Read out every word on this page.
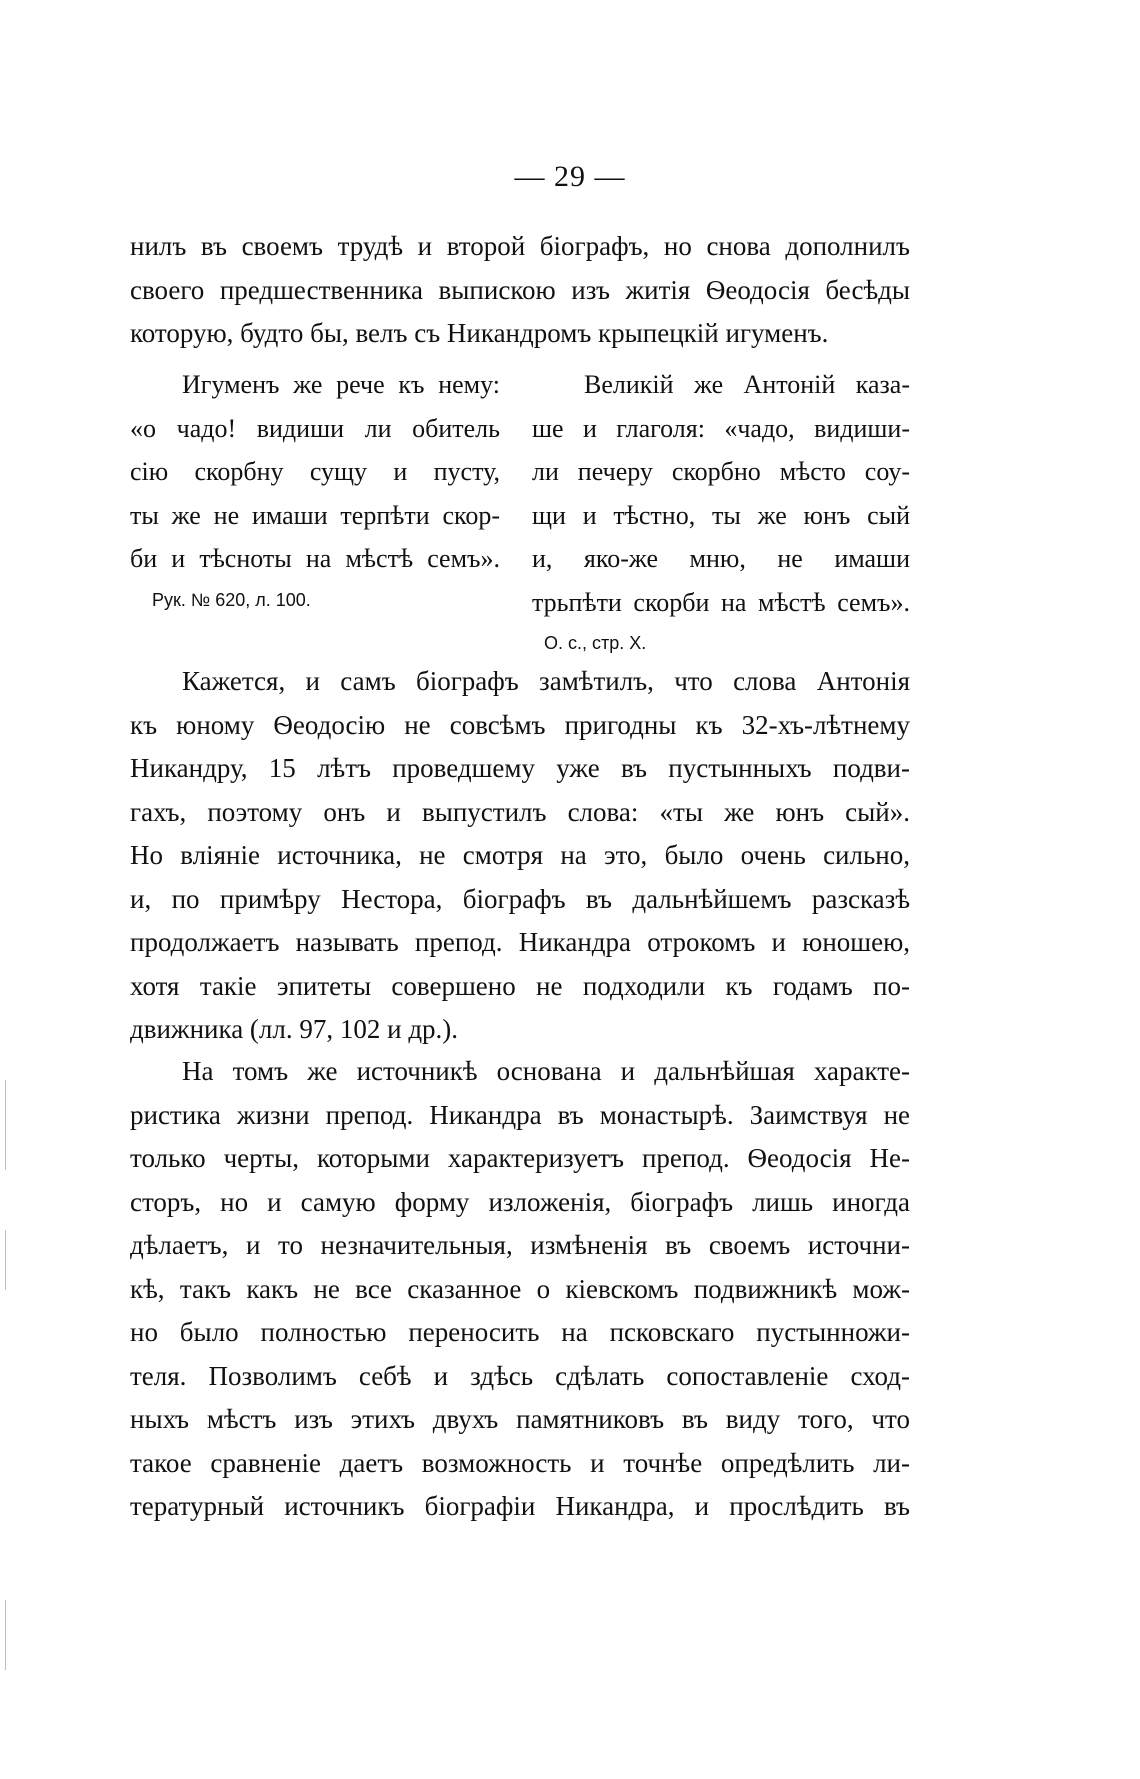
— 29 —
нилъ въ своемъ трудѣ и второй біографъ, но снова дополнилъ
своего предшественника выпискою изъ житія Ѳеодосія бесѣды
которую, будто бы, велъ съ Никандромъ крыпецкій игуменъ.
Игуменъ же рече къ нему:
«о чадо! видиши ли обитель
сію скорбну сущу и пусту,
ты же не имаши терпѣти скор-
би и тѣсноты на мѣстѣ семъ».
Рук. № 620, л. 100.
Великій же Антоній каза-
ше и глаголя: «чадо, видиши-
ли печеру скорбно мѣсто соу-
щи и тѣстно, ты же юнъ сый
и, яко-же мню, не имаши
трьпѣти скорби на мѣстѣ семъ».
О. с., стр. X.
Кажется, и самъ біографъ замѣтилъ, что слова Антонія
къ юному Ѳеодосію не совсѣмъ пригодны къ 32-хъ-лѣтнему
Никандру, 15 лѣтъ проведшему уже въ пустынныхъ подви-
гахъ, поэтому онъ и выпустилъ слова: «ты же юнъ сый».
Но вліяніе источника, не смотря на это, было очень сильно,
и, по примѣру Нестора, біографъ въ дальнѣйшемъ разсказѣ
продолжаетъ называть препод. Никандра отрокомъ и юношею,
хотя такіе эпитеты совершено не подходили къ годамъ по-
движника (лл. 97, 102 и др.).
На томъ же источникѣ основана и дальнѣйшая характе-
ристика жизни препод. Никандра въ монастырѣ. Заимствуя не
только черты, которыми характеризуетъ препод. Ѳеодосія Не-
сторъ, но и самую форму изложенія, біографъ лишь иногда
дѣлаетъ, и то незначительныя, измѣненія въ своемъ источни-
кѣ, такъ какъ не все сказанное о кіевскомъ подвижникѣ мож-
но было полностью переносить на псковскаго пустынножи-
теля. Позволимъ себѣ и здѣсь сдѣлать сопоставленіе сход-
ныхъ мѣстъ изъ этихъ двухъ памятниковъ въ виду того, что
такое сравненіе даетъ возможность и точнѣе опредѣлить ли-
тературный источникъ біографіи Никандра, и прослѣдить въ
